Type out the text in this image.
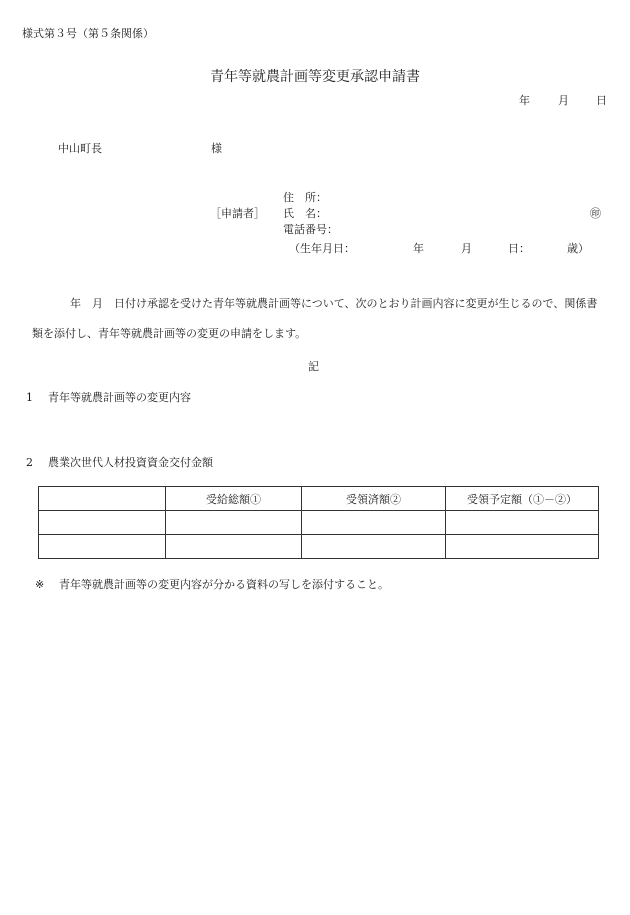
様式第３号（第５条関係）
青年等就農計画等変更承認申請書
年	月 日
中山町長	様
［申請者］
住　所：
氏　名：	㊞
電話番号：
（生年月日：	年	月	日：	歳）
年　月　日付け承認を受けた青年等就農計画等について、次のとおり計画内容に変更が生じるので、関係書類を添付し、青年等就農計画等の変更の申請をします。
記
1 青年等就農計画等の変更内容
2 農業次世代人材投資資金交付金額
	受給総額①	受領済額②	受領予定額（①－②）

※ 青年等就農計画等の変更内容が分かる資料の写しを添付すること。
